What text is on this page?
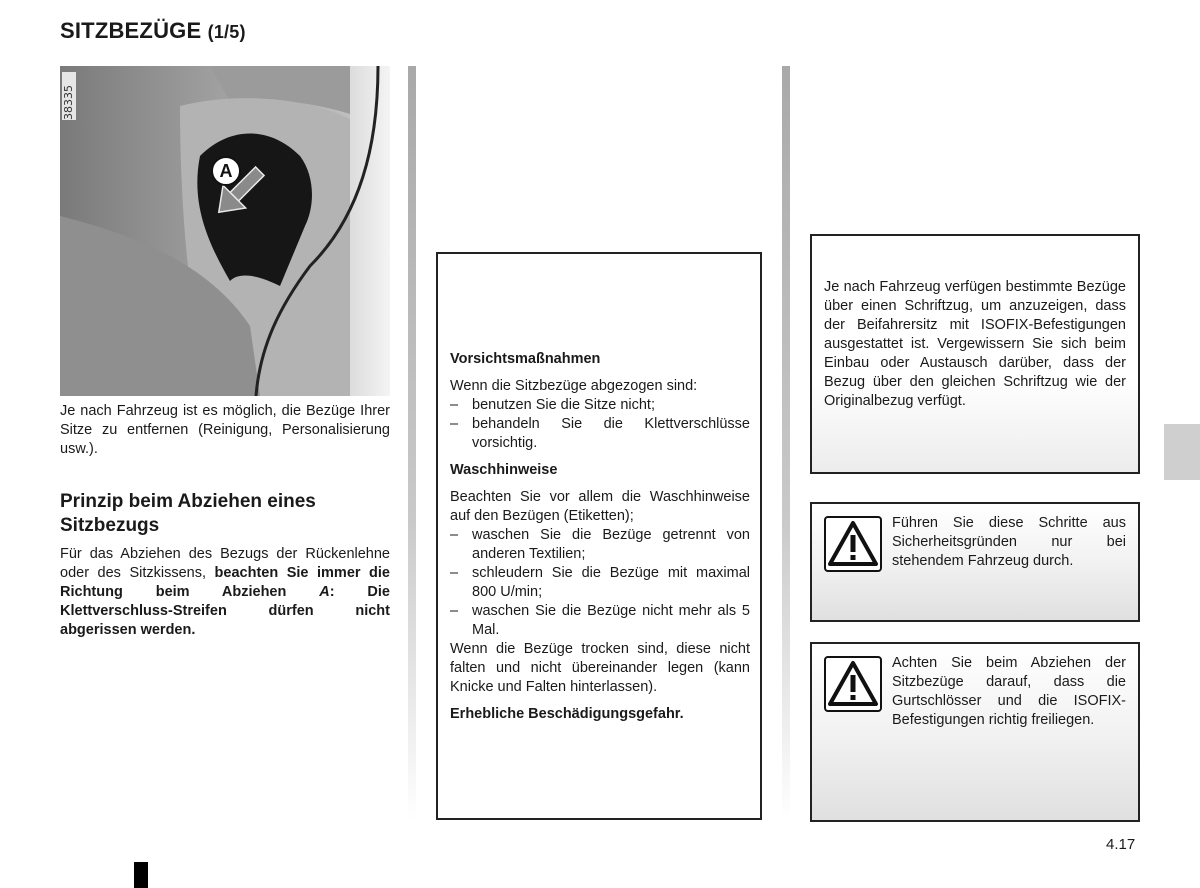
SITZBEZÜGE (1/5)
38335
A
Je nach Fahrzeug ist es möglich, die Bezüge Ihrer Sitze zu entfernen (Reinigung, Personalisierung usw.).
Prinzip beim Abziehen eines Sitzbezugs
Für das Abziehen des Bezugs der Rückenlehne oder des Sitzkissens, beachten Sie immer die Richtung beim Abziehen A: Die Klettverschluss-Streifen dürfen nicht abgerissen werden.

Vorsichtsmaßnahmen

Wenn die Sitzbezüge abgezogen sind:

– benutzen Sie die Sitze nicht;
– behandeln Sie die Klettverschlüsse vorsichtig.

Waschhinweise

Beachten Sie vor allem die Waschhinweise auf den Bezügen (Etiketten);

– waschen Sie die Bezüge getrennt von anderen Textilien;
– schleudern Sie die Bezüge mit maximal 800 U/min;
– waschen Sie die Bezüge nicht mehr als 5 Mal.

Wenn die Bezüge trocken sind, diese nicht falten und nicht übereinander legen (kann Knicke und Falten hinterlassen).

Erhebliche Beschädigungsgefahr.

Je nach Fahrzeug verfügen bestimmte Bezüge über einen Schriftzug, um anzuzeigen, dass der Beifahrersitz mit ISOFIX-Befestigungen ausgestattet ist. Vergewissern Sie sich beim Einbau oder Austausch darüber, dass der Bezug über den gleichen Schriftzug wie der Originalbezug verfügt.
Führen Sie diese Schritte aus Sicherheitsgründen nur bei stehendem Fahrzeug durch.
Achten Sie beim Abziehen der Sitzbezüge darauf, dass die Gurtschlösser und die ISOFIX-Befestigungen richtig freiliegen.
4.17
